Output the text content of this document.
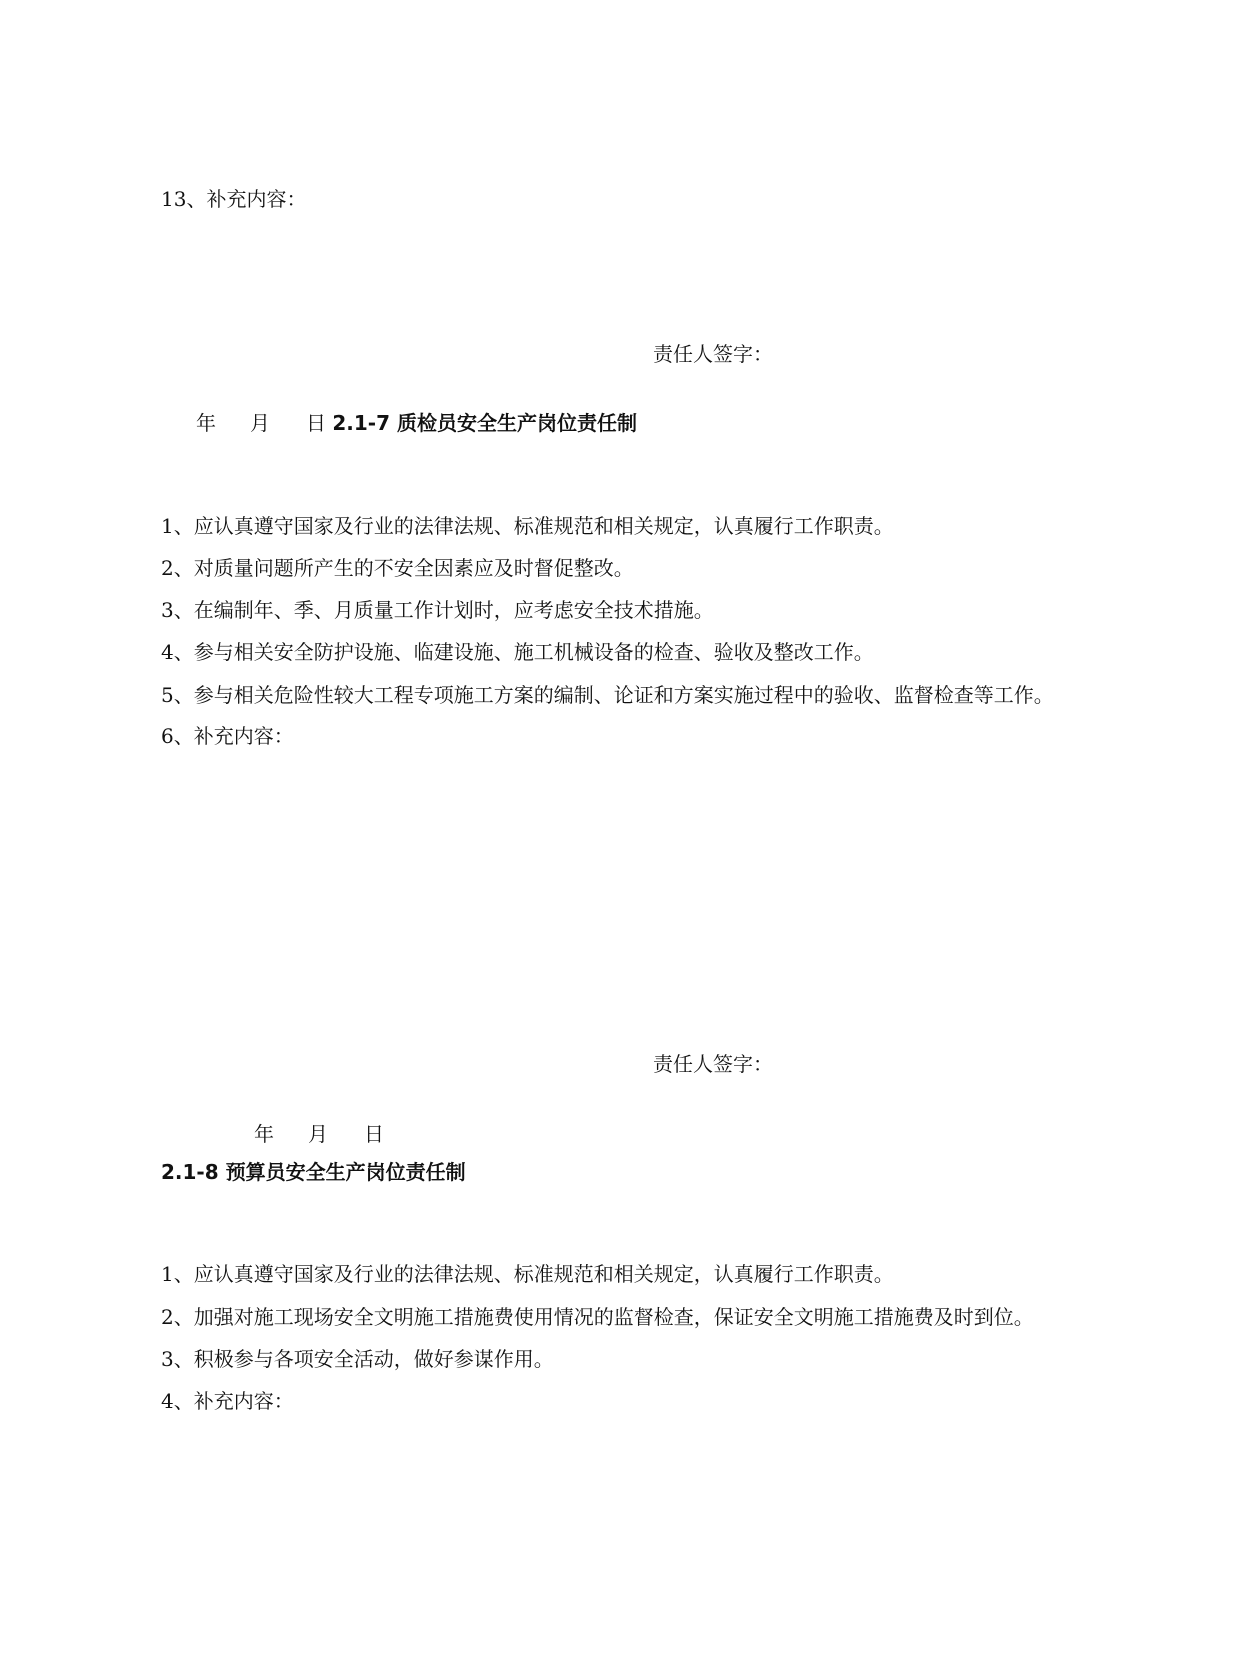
13、补充内容：
责任人签字：
年 月 日 2.1-7 质检员安全生产岗位责任制
1、应认真遵守国家及行业的法律法规、标准规范和相关规定，认真履行工作职责。
2、对质量问题所产生的不安全因素应及时督促整改。
3、在编制年、季、月质量工作计划时，应考虑安全技术措施。
4、参与相关安全防护设施、临建设施、施工机械设备的检查、验收及整改工作。
5、参与相关危险性较大工程专项施工方案的编制、论证和方案实施过程中的验收、监督检查等工作。
6、补充内容：
责任人签字：
年 月 日
2.1-8 预算员安全生产岗位责任制
1、应认真遵守国家及行业的法律法规、标准规范和相关规定，认真履行工作职责。
2、加强对施工现场安全文明施工措施费使用情况的监督检查，保证安全文明施工措施费及时到位。
3、积极参与各项安全活动，做好参谋作用。
4、补充内容：
